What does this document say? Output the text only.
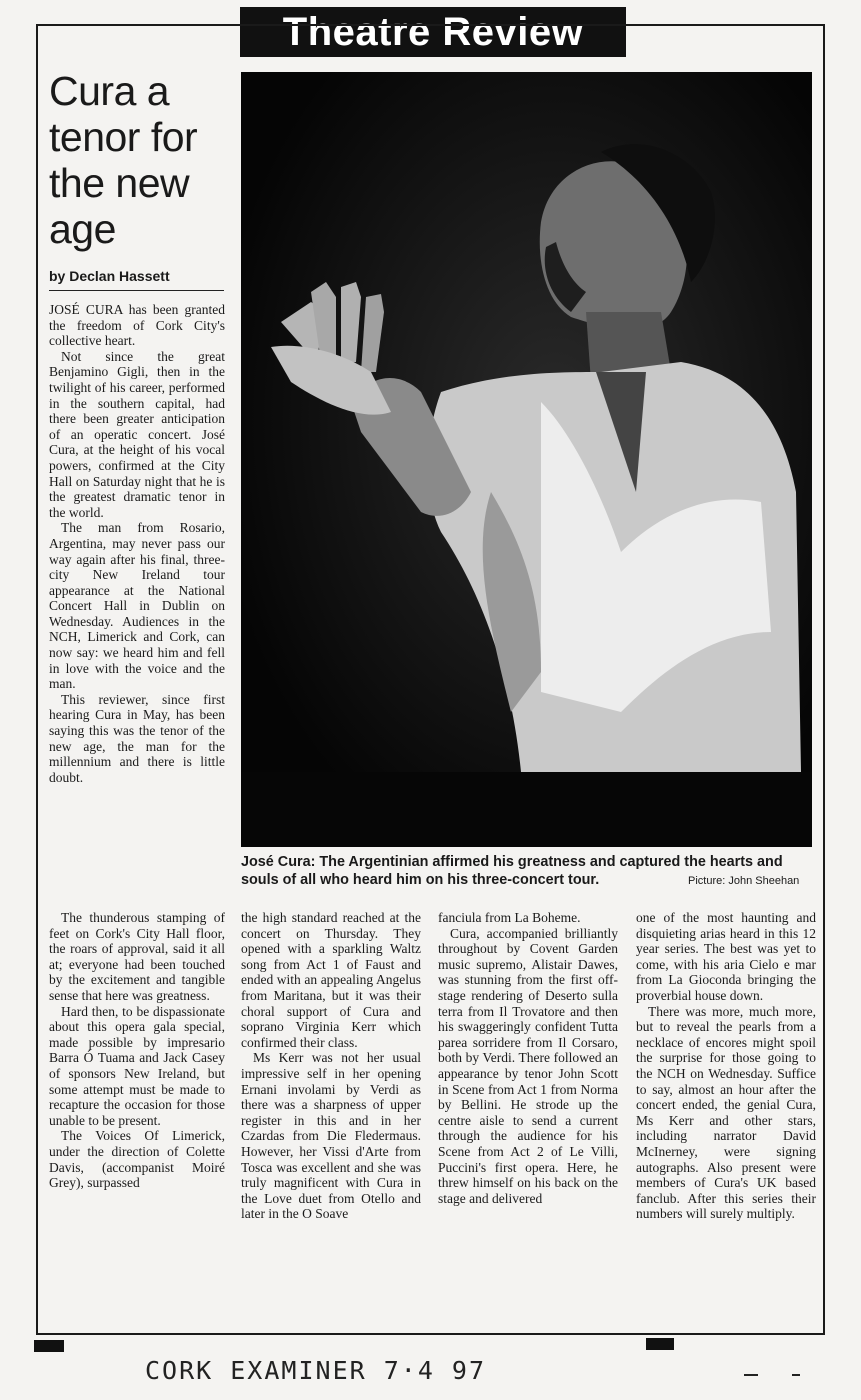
Theatre Review
Cura a tenor for the new age
by Declan Hassett

JOSÉ CURA has been granted the freedom of Cork City's collective heart.

Not since the great Benjamino Gigli, then in the twilight of his career, performed in the southern capital, had there been greater anticipation of an operatic concert. José Cura, at the height of his vocal powers, confirmed at the City Hall on Saturday night that he is the greatest dramatic tenor in the world.

The man from Rosario, Argentina, may never pass our way again after his final, three-city New Ireland tour appearance at the National Concert Hall in Dublin on Wednesday. Audiences in the NCH, Limerick and Cork, can now say: we heard him and fell in love with the voice and the man.

This reviewer, since first hearing Cura in May, has been saying this was the tenor of the new age, the man for the millennium and there is little doubt.

José Cura: The Argentinian affirmed his greatness and captured the hearts and souls of all who heard him on his three-concert tour.	Picture: John Sheehan

The thunderous stamping of feet on Cork's City Hall floor, the roars of approval, said it all at; everyone had been touched by the excitement and tangible sense that here was greatness.

Hard then, to be dispassionate about this opera gala special, made possible by impresario Barra Ó Tuama and Jack Casey of sponsors New Ireland, but some attempt must be made to recapture the occasion for those unable to be present.

The Voices Of Limerick, under the direction of Colette Davis, (accompanist Moiré Grey), surpassed

the high standard reached at the concert on Thursday. They opened with a sparkling Waltz song from Act 1 of Faust and ended with an appealing Angelus from Maritana, but it was their choral support of Cura and soprano Virginia Kerr which confirmed their class.

Ms Kerr was not her usual impressive self in her opening Ernani involami by Verdi as there was a sharpness of upper register in this and in her Czardas from Die Fledermaus. However, her Vissi d'Arte from Tosca was excellent and she was truly magnificent with Cura in the Love duet from Otello and later in the O Soave

fanciula from La Boheme.

Cura, accompanied brilliantly throughout by Covent Garden music supremo, Alistair Dawes, was stunning from the first off-stage rendering of Deserto sulla terra from Il Trovatore and then his swaggeringly confident Tutta parea sorridere from Il Corsaro, both by Verdi. There followed an appearance by tenor John Scott in Scene from Act 1 from Norma by Bellini. He strode up the centre aisle to send a current through the audience for his Scene from Act 2 of Le Villi, Puccini's first opera. Here, he threw himself on his back on the stage and delivered

one of the most haunting and disquieting arias heard in this 12 year series. The best was yet to come, with his aria Cielo e mar from La Gioconda bringing the proverbial house down.

There was more, much more, but to reveal the pearls from a necklace of encores might spoil the surprise for those going to the NCH on Wednesday. Suffice to say, almost an hour after the concert ended, the genial Cura, Ms Kerr and other stars, including narrator David McInerney, were signing autographs. Also present were members of Cura's UK based fanclub. After this series their numbers will surely multiply.

CORK EXAMINER 7·4 97
